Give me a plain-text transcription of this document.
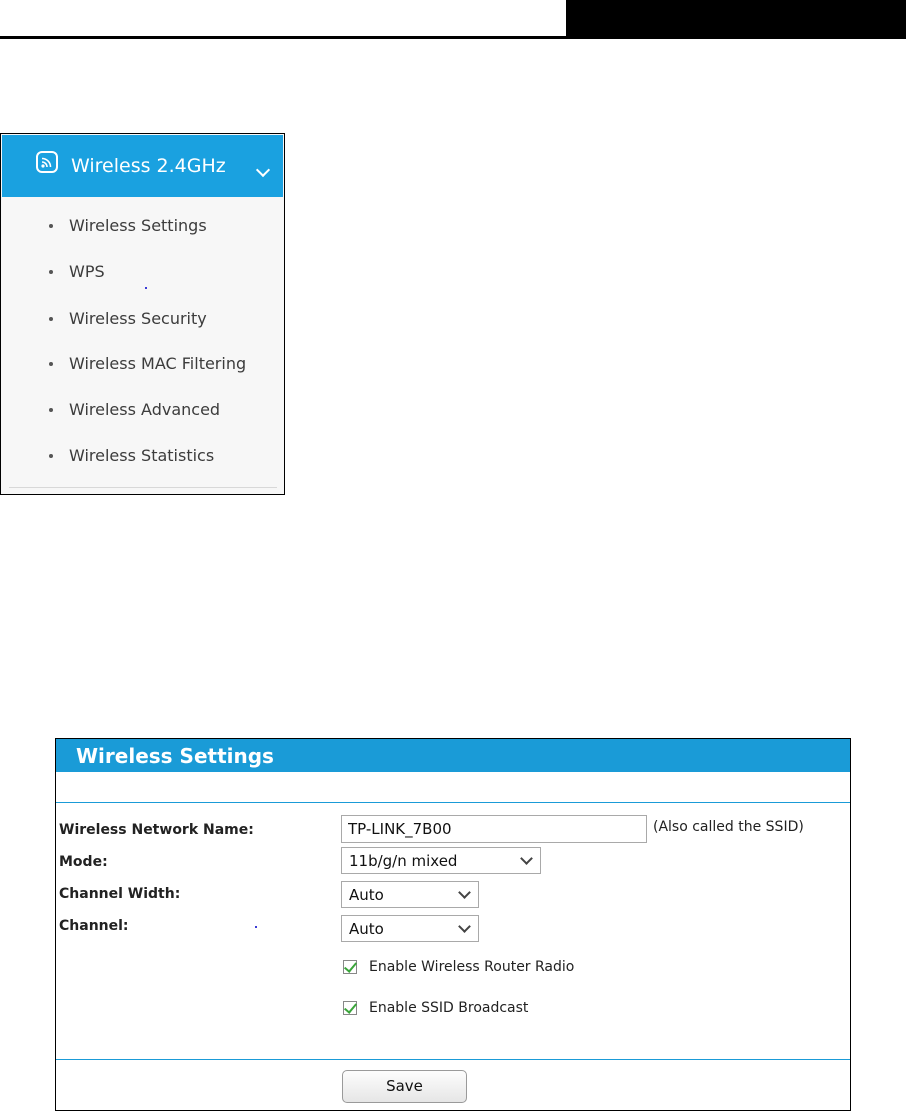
Wireless 2.4GHz
Wireless Settings
WPS
Wireless Security
Wireless MAC Filtering
Wireless Advanced
Wireless Statistics
Wireless Settings
Wireless Network Name:
TP-LINK_7B00	(Also called the SSID)
Mode:	11b/g/n mixed
Channel Width:	Auto
Channel:	Auto
Enable Wireless Router Radio
Enable SSID Broadcast
Save
